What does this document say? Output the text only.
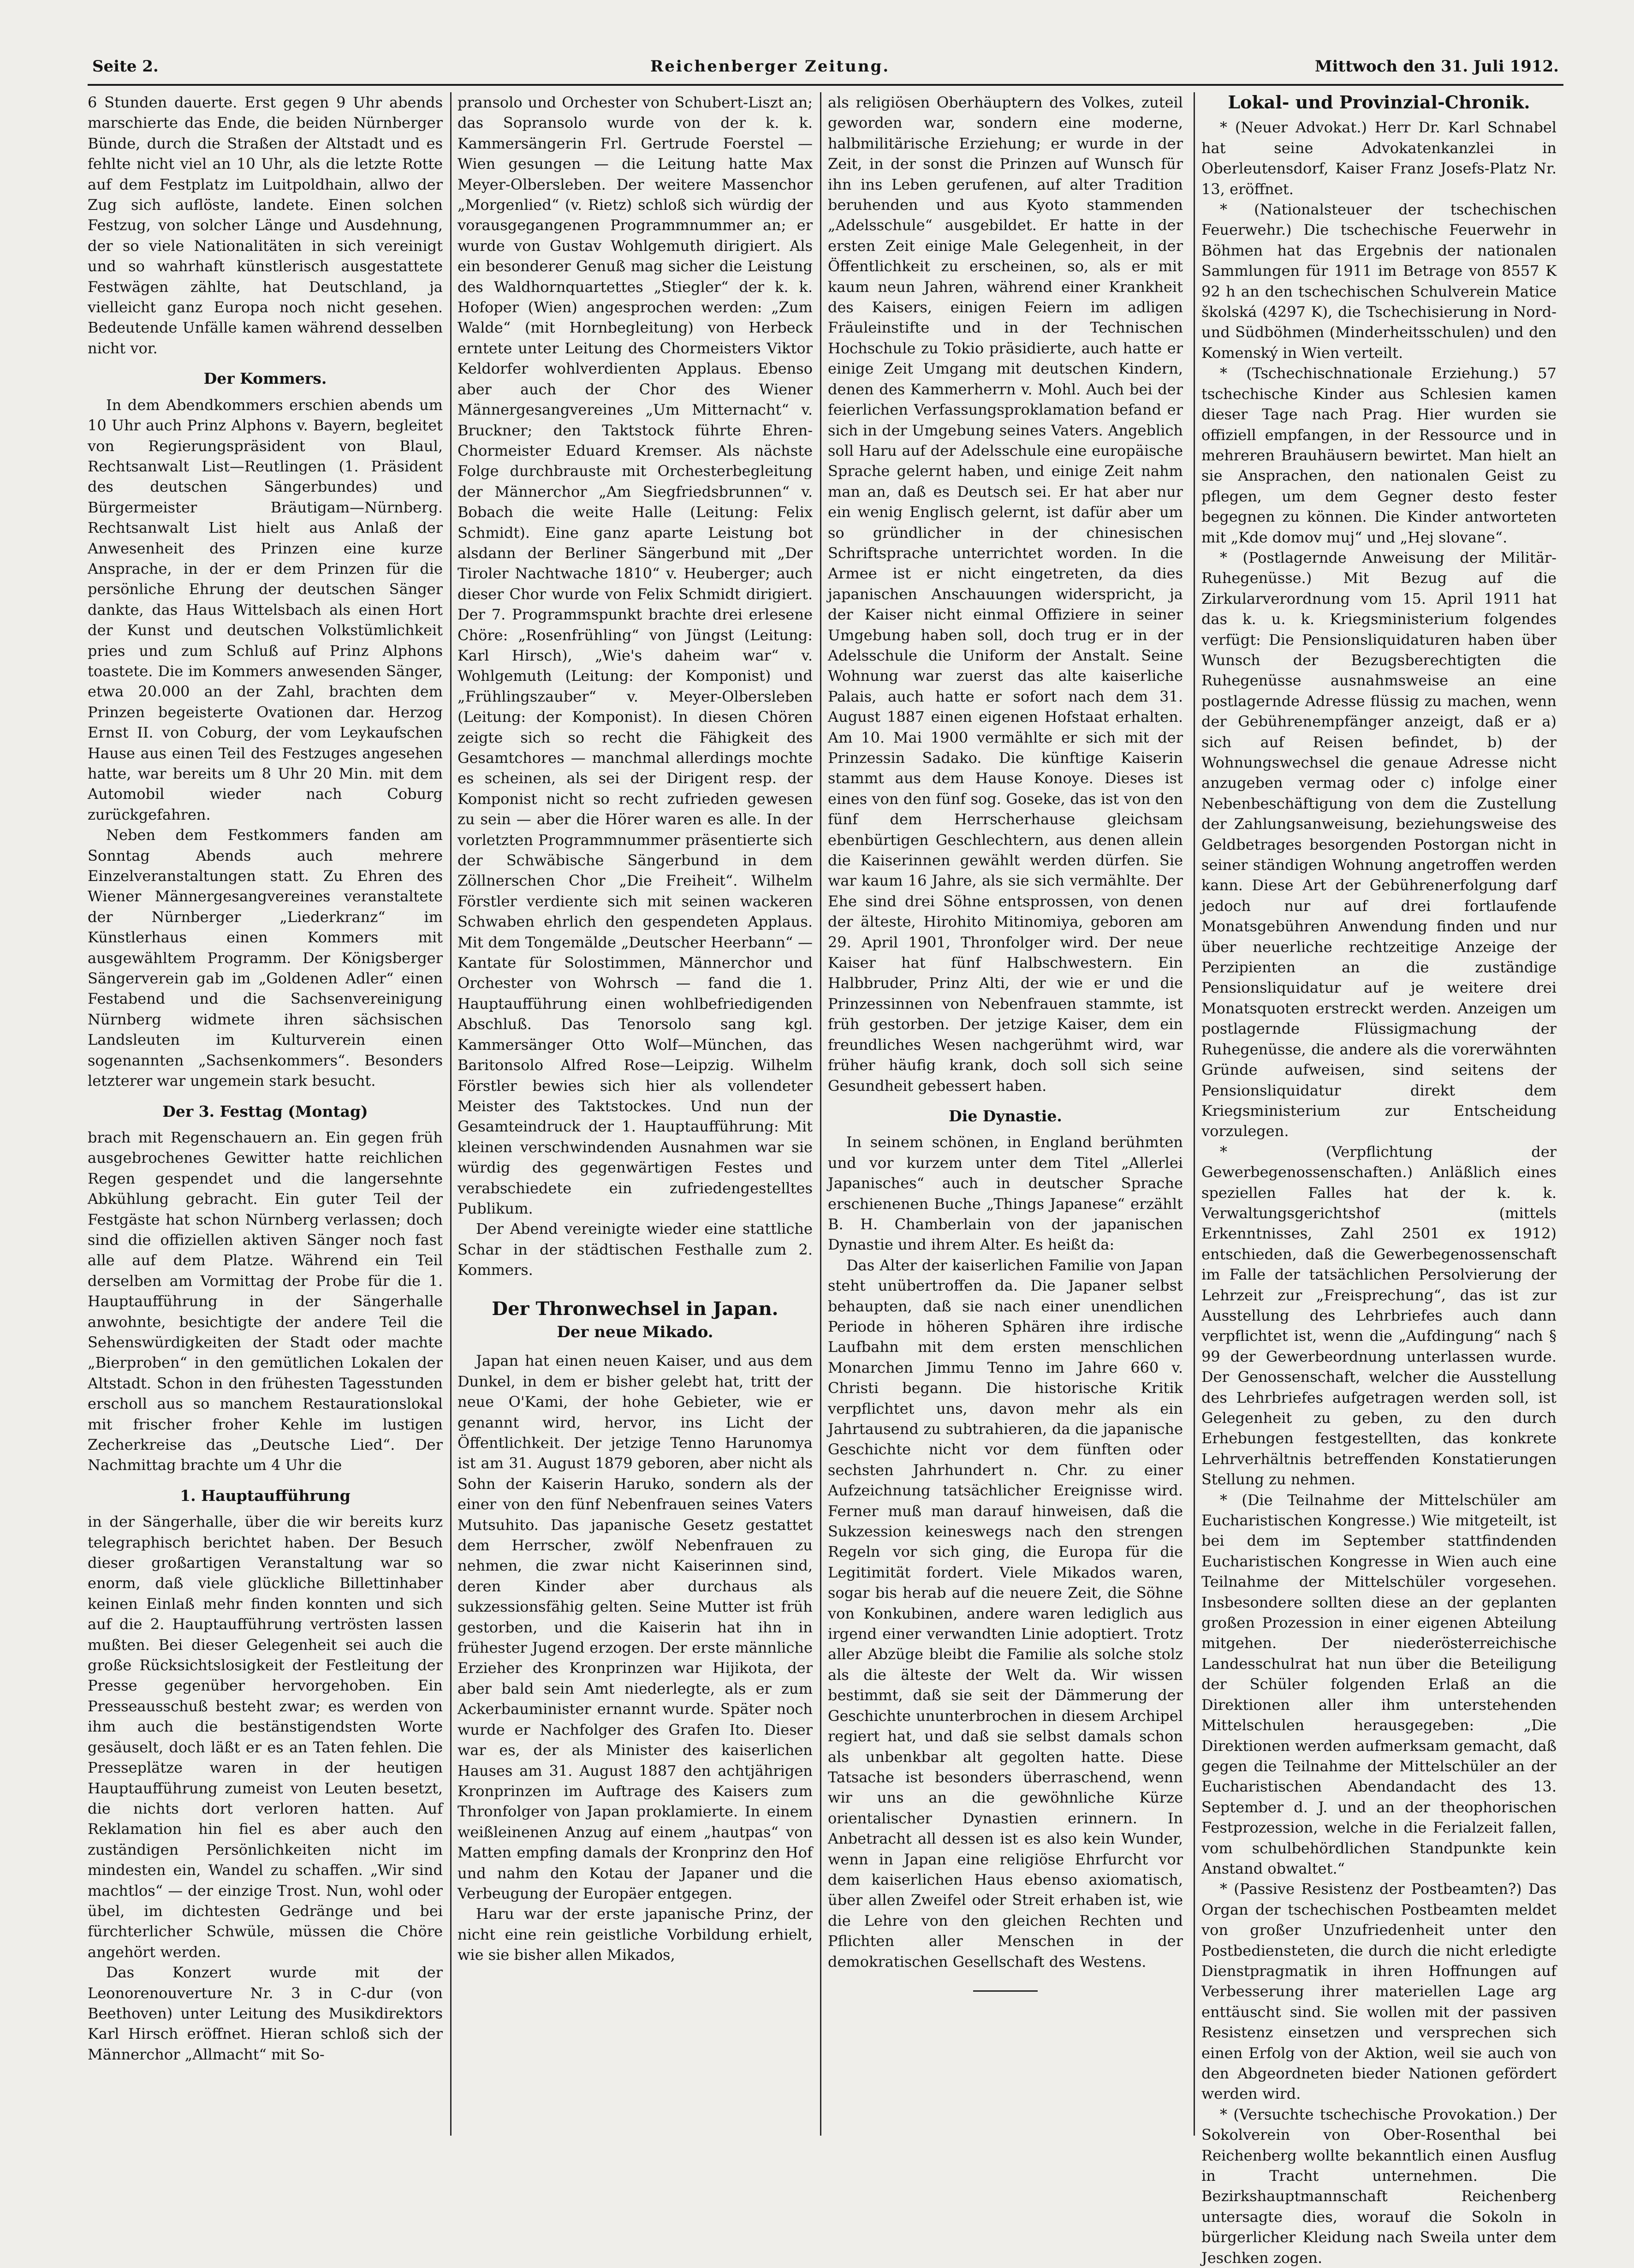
Seite 2.	Reichenberger Zeitung.	Mittwoch den 31. Juli 1912.

6 Stunden dauerte. Erst gegen 9 Uhr abends marschierte das Ende, die beiden Nürnberger Bünde, durch die Straßen der Altstadt und es fehlte nicht viel an 10 Uhr, als die letzte Rotte auf dem Festplatz im Luitpoldhain, allwo der Zug sich auflöste, landete. Einen solchen Festzug, von solcher Länge und Ausdehnung, der so viele Nationalitäten in sich vereinigt und so wahrhaft künstlerisch ausgestattete Festwägen zählte, hat Deutschland, ja vielleicht ganz Europa noch nicht gesehen. Bedeutende Unfälle kamen während desselben nicht vor.

Der Kommers.

In dem Abendkommers erschien abends um 10 Uhr auch Prinz Alphons v. Bayern, begleitet von Regierungspräsident von Blaul, Rechtsanwalt List—Reutlingen (1. Präsident des deutschen Sängerbundes) und Bürgermeister Bräutigam—Nürnberg. Rechtsanwalt List hielt aus Anlaß der Anwesenheit des Prinzen eine kurze Ansprache, in der er dem Prinzen für die persönliche Ehrung der deutschen Sänger dankte, das Haus Wittelsbach als einen Hort der Kunst und deutschen Volkstümlichkeit pries und zum Schluß auf Prinz Alphons toastete. Die im Kommers anwesenden Sänger, etwa 20.000 an der Zahl, brachten dem Prinzen begeisterte Ovationen dar. Herzog Ernst II. von Coburg, der vom Leykaufschen Hause aus einen Teil des Festzuges angesehen hatte, war bereits um 8 Uhr 20 Min. mit dem Automobil wieder nach Coburg zurückgefahren.

Neben dem Festkommers fanden am Sonntag Abends auch mehrere Einzelveranstaltungen statt. Zu Ehren des Wiener Männergesangvereines veranstaltete der Nürnberger „Liederkranz“ im Künstlerhaus einen Kommers mit ausgewähltem Programm. Der Königsberger Sängerverein gab im „Goldenen Adler“ einen Festabend und die Sachsenvereinigung Nürnberg widmete ihren sächsischen Landsleuten im Kulturverein einen sogenannten „Sachsenkommers“. Besonders letzterer war ungemein stark besucht.

Der 3. Festtag (Montag)

brach mit Regenschauern an. Ein gegen früh ausgebrochenes Gewitter hatte reichlichen Regen gespendet und die langersehnte Abkühlung gebracht. Ein guter Teil der Festgäste hat schon Nürnberg verlassen; doch sind die offiziellen aktiven Sänger noch fast alle auf dem Platze. Während ein Teil derselben am Vormittag der Probe für die 1. Hauptaufführung in der Sängerhalle anwohnte, besichtigte der andere Teil die Sehenswürdigkeiten der Stadt oder machte „Bierproben“ in den gemütlichen Lokalen der Altstadt. Schon in den frühesten Tagesstunden erscholl aus so manchem Restaurationslokal mit frischer froher Kehle im lustigen Zecherkreise das „Deutsche Lied“. Der Nachmittag brachte um 4 Uhr die

1. Hauptaufführung

in der Sängerhalle, über die wir bereits kurz telegraphisch berichtet haben. Der Besuch dieser großartigen Veranstaltung war so enorm, daß viele glückliche Billettinhaber keinen Einlaß mehr finden konnten und sich auf die 2. Hauptaufführung vertrösten lassen mußten. Bei dieser Gelegenheit sei auch die große Rücksichtslosigkeit der Festleitung der Presse gegenüber hervorgehoben. Ein Presseausschuß besteht zwar; es werden von ihm auch die bestänstigendsten Worte gesäuselt, doch läßt er es an Taten fehlen. Die Presseplätze waren in der heutigen Hauptaufführung zumeist von Leuten besetzt, die nichts dort verloren hatten. Auf Reklamation hin fiel es aber auch den zuständigen Persönlichkeiten nicht im mindesten ein, Wandel zu schaffen. „Wir sind machtlos“ — der einzige Trost. Nun, wohl oder übel, im dichtesten Gedränge und bei fürchterlicher Schwüle, müssen die Chöre angehört werden.

Das Konzert wurde mit der Leonorenouverture Nr. 3 in C-dur (von Beethoven) unter Leitung des Musikdirektors Karl Hirsch eröffnet. Hieran schloß sich der Männerchor „Allmacht“ mit So-

pransolo und Orchester von Schubert-Liszt an; das Sopransolo wurde von der k. k. Kammersängerin Frl. Gertrude Foerstel —Wien gesungen — die Leitung hatte Max Meyer-Olbersleben. Der weitere Massenchor „Morgenlied“ (v. Rietz) schloß sich würdig der vorausgegangenen Programmnummer an; er wurde von Gustav Wohlgemuth dirigiert. Als ein besonderer Genuß mag sicher die Leistung des Waldhornquartettes „Stiegler“ der k. k. Hofoper (Wien) angesprochen werden: „Zum Walde“ (mit Hornbegleitung) von Herbeck erntete unter Leitung des Chormeisters Viktor Keldorfer wohlverdienten Applaus. Ebenso aber auch der Chor des Wiener Männergesangvereines „Um Mitternacht“ v. Bruckner; den Taktstock führte Ehren-Chormeister Eduard Kremser. Als nächste Folge durchbrauste mit Orchesterbegleitung der Männerchor „Am Siegfriedsbrunnen“ v. Bobach die weite Halle (Leitung: Felix Schmidt). Eine ganz aparte Leistung bot alsdann der Berliner Sängerbund mit „Der Tiroler Nachtwache 1810“ v. Heuberger; auch dieser Chor wurde von Felix Schmidt dirigiert. Der 7. Programmspunkt brachte drei erlesene Chöre: „Rosenfrühling“ von Jüngst (Leitung: Karl Hirsch), „Wie's daheim war“ v. Wohlgemuth (Leitung: der Komponist) und „Frühlingszauber“ v. Meyer-Olbersleben (Leitung: der Komponist). In diesen Chören zeigte sich so recht die Fähigkeit des Gesamtchores — manchmal allerdings mochte es scheinen, als sei der Dirigent resp. der Komponist nicht so recht zufrieden gewesen zu sein — aber die Hörer waren es alle. In der vorletzten Programmnummer präsentierte sich der Schwäbische Sängerbund in dem Zöllnerschen Chor „Die Freiheit“. Wilhelm Förstler verdiente sich mit seinen wackeren Schwaben ehrlich den gespendeten Applaus. Mit dem Tongemälde „Deutscher Heerbann“ — Kantate für Solostimmen, Männerchor und Orchester von Wohrsch — fand die 1. Hauptaufführung einen wohlbefriedigenden Abschluß. Das Tenorsolo sang kgl. Kammersänger Otto Wolf—München, das Baritonsolo Alfred Rose—Leipzig. Wilhelm Förstler bewies sich hier als vollendeter Meister des Taktstockes. Und nun der Gesamteindruck der 1. Hauptaufführung: Mit kleinen verschwindenden Ausnahmen war sie würdig des gegenwärtigen Festes und verabschiedete ein zufriedengestelltes Publikum.

Der Abend vereinigte wieder eine stattliche Schar in der städtischen Festhalle zum 2. Kommers.

Der Thronwechsel in Japan.
Der neue Mikado.

Japan hat einen neuen Kaiser, und aus dem Dunkel, in dem er bisher gelebt hat, tritt der neue O'Kami, der hohe Gebieter, wie er genannt wird, hervor, ins Licht der Öffentlichkeit. Der jetzige Tenno Harunomya ist am 31. August 1879 geboren, aber nicht als Sohn der Kaiserin Haruko, sondern als der einer von den fünf Nebenfrauen seines Vaters Mutsuhito. Das japanische Gesetz gestattet dem Herrscher, zwölf Nebenfrauen zu nehmen, die zwar nicht Kaiserinnen sind, deren Kinder aber durchaus als sukzessionsfähig gelten. Seine Mutter ist früh gestorben, und die Kaiserin hat ihn in frühester Jugend erzogen. Der erste männliche Erzieher des Kronprinzen war Hijikota, der aber bald sein Amt niederlegte, als er zum Ackerbauminister ernannt wurde. Später noch wurde er Nachfolger des Grafen Ito. Dieser war es, der als Minister des kaiserlichen Hauses am 31. August 1887 den achtjährigen Kronprinzen im Auftrage des Kaisers zum Thronfolger von Japan proklamierte. In einem weißleinenen Anzug auf einem „hautpas“ von Matten empfing damals der Kronprinz den Hof und nahm den Kotau der Japaner und die Verbeugung der Europäer entgegen.

Haru war der erste japanische Prinz, der nicht eine rein geistliche Vorbildung erhielt, wie sie bisher allen Mikados,

als religiösen Oberhäuptern des Volkes, zuteil geworden war, sondern eine moderne, halbmilitärische Erziehung; er wurde in der Zeit, in der sonst die Prinzen auf Wunsch für ihn ins Leben gerufenen, auf alter Tradition beruhenden und aus Kyoto stammenden „Adelsschule“ ausgebildet. Er hatte in der ersten Zeit einige Male Gelegenheit, in der Öffentlichkeit zu erscheinen, so, als er mit kaum neun Jahren, während einer Krankheit des Kaisers, einigen Feiern im adligen Fräuleinstifte und in der Technischen Hochschule zu Tokio präsidierte, auch hatte er einige Zeit Umgang mit deutschen Kindern, denen des Kammerherrn v. Mohl. Auch bei der feierlichen Verfassungsproklamation befand er sich in der Umgebung seines Vaters. Angeblich soll Haru auf der Adelsschule eine europäische Sprache gelernt haben, und einige Zeit nahm man an, daß es Deutsch sei. Er hat aber nur ein wenig Englisch gelernt, ist dafür aber um so gründlicher in der chinesischen Schriftsprache unterrichtet worden. In die Armee ist er nicht eingetreten, da dies japanischen Anschauungen widerspricht, ja der Kaiser nicht einmal Offiziere in seiner Umgebung haben soll, doch trug er in der Adelsschule die Uniform der Anstalt. Seine Wohnung war zuerst das alte kaiserliche Palais, auch hatte er sofort nach dem 31. August 1887 einen eigenen Hofstaat erhalten. Am 10. Mai 1900 vermählte er sich mit der Prinzessin Sadako. Die künftige Kaiserin stammt aus dem Hause Konoye. Dieses ist eines von den fünf sog. Goseke, das ist von den fünf dem Herrscherhause gleichsam ebenbürtigen Geschlechtern, aus denen allein die Kaiserinnen gewählt werden dürfen. Sie war kaum 16 Jahre, als sie sich vermählte. Der Ehe sind drei Söhne entsprossen, von denen der älteste, Hirohito Mitinomiya, geboren am 29. April 1901, Thronfolger wird. Der neue Kaiser hat fünf Halbschwestern. Ein Halbbruder, Prinz Alti, der wie er und die Prinzessinnen von Nebenfrauen stammte, ist früh gestorben. Der jetzige Kaiser, dem ein freundliches Wesen nachgerühmt wird, war früher häufig krank, doch soll sich seine Gesundheit gebessert haben.

Die Dynastie.

In seinem schönen, in England berühmten und vor kurzem unter dem Titel „Allerlei Japanisches“ auch in deutscher Sprache erschienenen Buche „Things Japanese“ erzählt B. H. Chamberlain von der japanischen Dynastie und ihrem Alter. Es heißt da:

Das Alter der kaiserlichen Familie von Japan steht unübertroffen da. Die Japaner selbst behaupten, daß sie nach einer unendlichen Periode in höheren Sphären ihre irdische Laufbahn mit dem ersten menschlichen Monarchen Jimmu Tenno im Jahre 660 v. Christi begann. Die historische Kritik verpflichtet uns, davon mehr als ein Jahrtausend zu subtrahieren, da die japanische Geschichte nicht vor dem fünften oder sechsten Jahrhundert n. Chr. zu einer Aufzeichnung tatsächlicher Ereignisse wird. Ferner muß man darauf hinweisen, daß die Sukzession keineswegs nach den strengen Regeln vor sich ging, die Europa für die Legitimität fordert. Viele Mikados waren, sogar bis herab auf die neuere Zeit, die Söhne von Konkubinen, andere waren lediglich aus irgend einer verwandten Linie adoptiert. Trotz aller Abzüge bleibt die Familie als solche stolz als die älteste der Welt da. Wir wissen bestimmt, daß sie seit der Dämmerung der Geschichte ununterbrochen in diesem Archipel regiert hat, und daß sie selbst damals schon als unbenkbar alt gegolten hatte. Diese Tatsache ist besonders überraschend, wenn wir uns an die gewöhnliche Kürze orientalischer Dynastien erinnern. In Anbetracht all dessen ist es also kein Wunder, wenn in Japan eine religiöse Ehrfurcht vor dem kaiserlichen Haus ebenso axiomatisch, über allen Zweifel oder Streit erhaben ist, wie die Lehre von den gleichen Rechten und Pflichten aller Menschen in der demokratischen Gesellschaft des Westens.

Lokal- und Provinzial-Chronik.

* (Neuer Advokat.) Herr Dr. Karl Schnabel hat seine Advokatenkanzlei in Oberleutensdorf, Kaiser Franz Josefs-Platz Nr. 13, eröffnet.

* (Nationalsteuer der tschechischen Feuerwehr.) Die tschechische Feuerwehr in Böhmen hat das Ergebnis der nationalen Sammlungen für 1911 im Betrage von 8557 K 92 h an den tschechischen Schulverein Matice školská (4297 K), die Tschechisierung in Nord- und Südböhmen (Minderheitsschulen) und den Komenský in Wien verteilt.

* (Tschechischnationale Erziehung.) 57 tschechische Kinder aus Schlesien kamen dieser Tage nach Prag. Hier wurden sie offiziell empfangen, in der Ressource und in mehreren Brauhäusern bewirtet. Man hielt an sie Ansprachen, den nationalen Geist zu pflegen, um dem Gegner desto fester begegnen zu können. Die Kinder antworteten mit „Kde domov muj“ und „Hej slovane“.

* (Postlagernde Anweisung der Militär-Ruhegenüsse.) Mit Bezug auf die Zirkularverordnung vom 15. April 1911 hat das k. u. k. Kriegsministerium folgendes verfügt: Die Pensionsliquidaturen haben über Wunsch der Bezugsberechtigten die Ruhegenüsse ausnahmsweise an eine postlagernde Adresse flüssig zu machen, wenn der Gebührenempfänger anzeigt, daß er a) sich auf Reisen befindet, b) der Wohnungswechsel die genaue Adresse nicht anzugeben vermag oder c) infolge einer Nebenbeschäftigung von dem die Zustellung der Zahlungsanweisung, beziehungsweise des Geldbetrages besorgenden Postorgan nicht in seiner ständigen Wohnung angetroffen werden kann. Diese Art der Gebührenerfolgung darf jedoch nur auf drei fortlaufende Monatsgebühren Anwendung finden und nur über neuerliche rechtzeitige Anzeige der Perzipienten an die zuständige Pensionsliquidatur auf je weitere drei Monatsquoten erstreckt werden. Anzeigen um postlagernde Flüssigmachung der Ruhegenüsse, die andere als die vorerwähnten Gründe aufweisen, sind seitens der Pensionsliquidatur direkt dem Kriegsministerium zur Entscheidung vorzulegen.

* (Verpflichtung der Gewerbegenossenschaften.) Anläßlich eines speziellen Falles hat der k. k. Verwaltungsgerichtshof (mittels Erkenntnisses, Zahl 2501 ex 1912) entschieden, daß die Gewerbegenossenschaft im Falle der tatsächlichen Persolvierung der Lehrzeit zur „Freisprechung“, das ist zur Ausstellung des Lehrbriefes auch dann verpflichtet ist, wenn die „Aufdingung“ nach § 99 der Gewerbeordnung unterlassen wurde. Der Genossenschaft, welcher die Ausstellung des Lehrbriefes aufgetragen werden soll, ist Gelegenheit zu geben, zu den durch Erhebungen festgestellten, das konkrete Lehrverhältnis betreffenden Konstatierungen Stellung zu nehmen.

* (Die Teilnahme der Mittelschüler am Eucharistischen Kongresse.) Wie mitgeteilt, ist bei dem im September stattfindenden Eucharistischen Kongresse in Wien auch eine Teilnahme der Mittelschüler vorgesehen. Insbesondere sollten diese an der geplanten großen Prozession in einer eigenen Abteilung mitgehen. Der niederösterreichische Landesschulrat hat nun über die Beteiligung der Schüler folgenden Erlaß an die Direktionen aller ihm unterstehenden Mittelschulen herausgegeben: „Die Direktionen werden aufmerksam gemacht, daß gegen die Teilnahme der Mittelschüler an der Eucharistischen Abendandacht des 13. September d. J. und an der theophorischen Festprozession, welche in die Ferialzeit fallen, vom schulbehördlichen Standpunkte kein Anstand obwaltet.“

* (Passive Resistenz der Postbeamten?) Das Organ der tschechischen Postbeamten meldet von großer Unzufriedenheit unter den Postbediensteten, die durch die nicht erledigte Dienstpragmatik in ihren Hoffnungen auf Verbesserung ihrer materiellen Lage arg enttäuscht sind. Sie wollen mit der passiven Resistenz einsetzen und versprechen sich einen Erfolg von der Aktion, weil sie auch von den Abgeordneten bieder Nationen gefördert werden wird.

* (Versuchte tschechische Provokation.) Der Sokolverein von Ober-Rosenthal bei Reichenberg wollte bekanntlich einen Ausflug in Tracht unternehmen. Die Bezirkshauptmannschaft Reichenberg untersagte dies, worauf die Sokoln in bürgerlicher Kleidung nach Sweila unter dem Jeschken zogen.
